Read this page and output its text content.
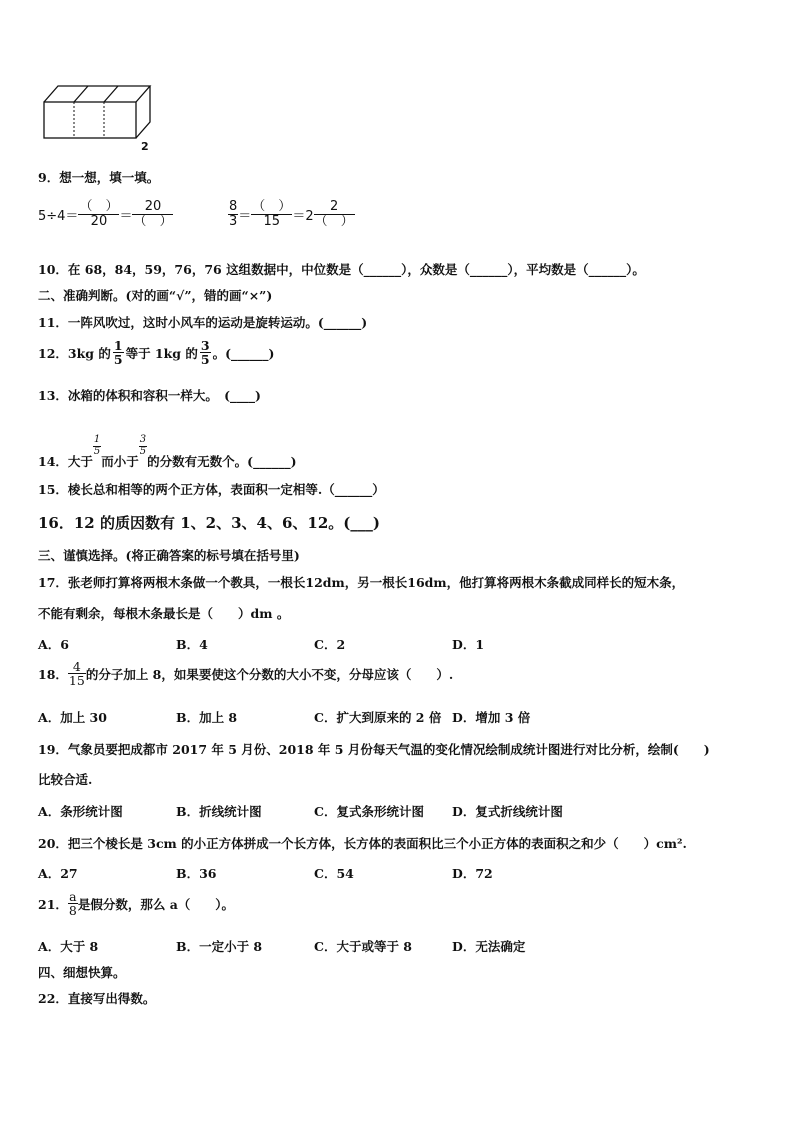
2
9．想一想，填一填。
$5\div 4= \frac{( )}{20} = \frac{20}{( )}$	$\frac{8}{3} = \frac{( )}{15} =2 \frac{2}{( )}$
10．在 68，84，59，76，76 这组数据中，中位数是（______），众数是（______），平均数是（______）。
二、准确判断。(对的画“√”，错的画“×”)
11．一阵风吹过，这时小风车的运动是旋转运动。(______)
12．3kg 的 $\frac{1}{5}$ 等于 1kg 的 $\frac{3}{5}$ 。(______)
13．冰箱的体积和容积一样大。　(____)
14．大于
$\frac{1}{5}$
而小于
$\frac{3}{5}$
的分数有无数个。(______)
15．棱长总和相等的两个正方体，表面积一定相等.（______）
16．12 的质因数有 1、2、3、4、6、12。(___)
三、谨慎选择。(将正确答案的标号填在括号里)
17．张老师打算将两根木条做一个教具，一根长12dm，另一根长16dm，他打算将两根木条截成同样长的短木条，
不能有剩余，每根木条最长是（　　）dm 。
A．6	B．4	C．2	D．1
18． $\frac{4}{15}$ 的分子加上 8，如果要使这个分数的大小不变，分母应该（　　）.
A．加上 30	B．加上 8	C．扩大到原来的 2 倍 D．增加 3 倍
19．气象员要把成都市 2017 年 5 月份、2018 年 5 月份每天气温的变化情况绘制成统计图进行对比分析，绘制(　　)
比较合适.
A．条形统计图	B．折线统计图	C．复式条形统计图 D．复式折线统计图
20．把三个棱长是 3cm 的小正方体拼成一个长方体，长方体的表面积比三个小正方体的表面积之和少（　　）cm².
A．27	B．36	C．54	D．72
21． $\frac{a}{8}$ 是假分数，那么 a（　　）。
A．大于 8	B．一定小于 8	C．大于或等于 8	D．无法确定
四、细想快算。
22．直接写出得数。
